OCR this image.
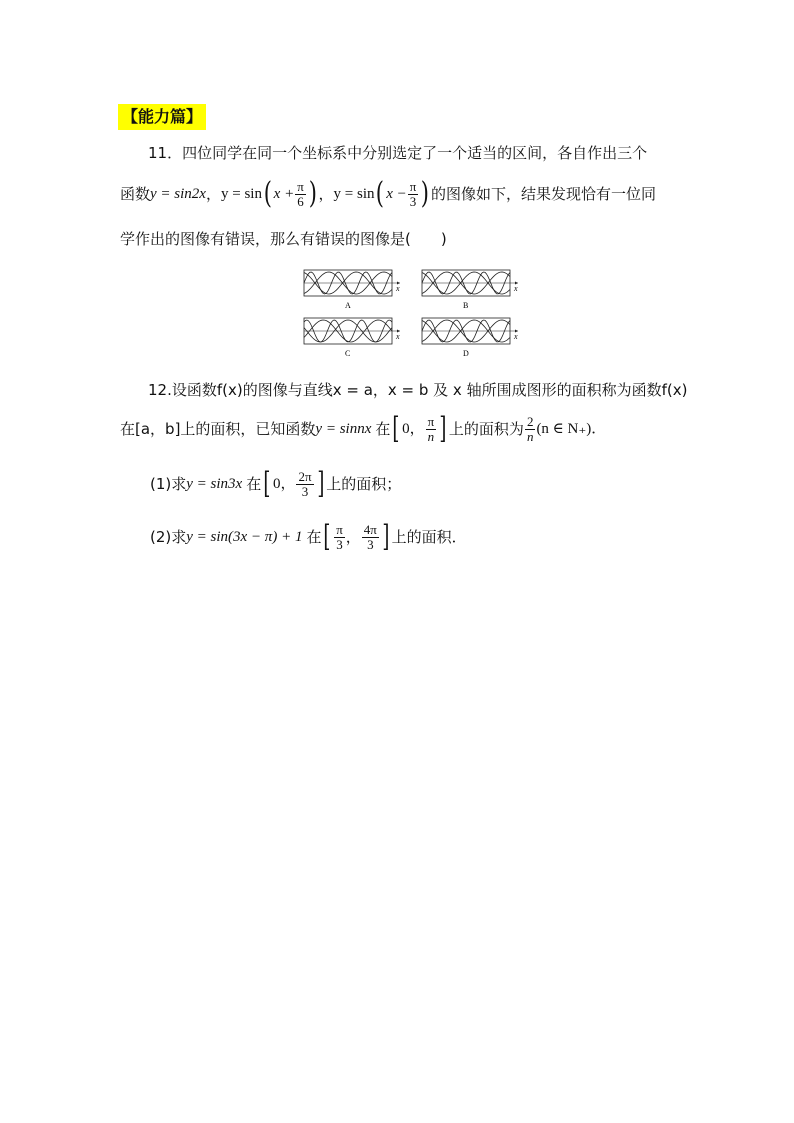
【能力篇】
11．四位同学在同一个坐标系中分别选定了一个适当的区间，各自作出三个
函数 y = sin2x ， y = sin ( $x + \frac{\pi}{6}$ ) ， y = sin ( $x - \frac{\pi}{3}$ ) 的图像如下，结果发现恰有一位同
学作出的图像有错误，那么有错误的图像是(　　)
x
A
x
B
x
C
x
D
12.设函数f(x)的图像与直线x = a，x = b 及 x 轴所围成图形的面积称为函数f(x)
在[a，b]上的面积，已知函数 y = sinnx 在 [ 0， $\frac{\pi}{n}$ ] 上的面积为 $\frac{2}{n} (n$ ∈ N₊)．
(1)求 y = sin3x 在 [ 0， $\frac{2\pi}{3}$ ] 上的面积；
(2)求 y = sin(3x − π) + 1 在 [ $\frac{\pi}{3}$ ， $\frac{4\pi}{3}$ ] 上的面积．
